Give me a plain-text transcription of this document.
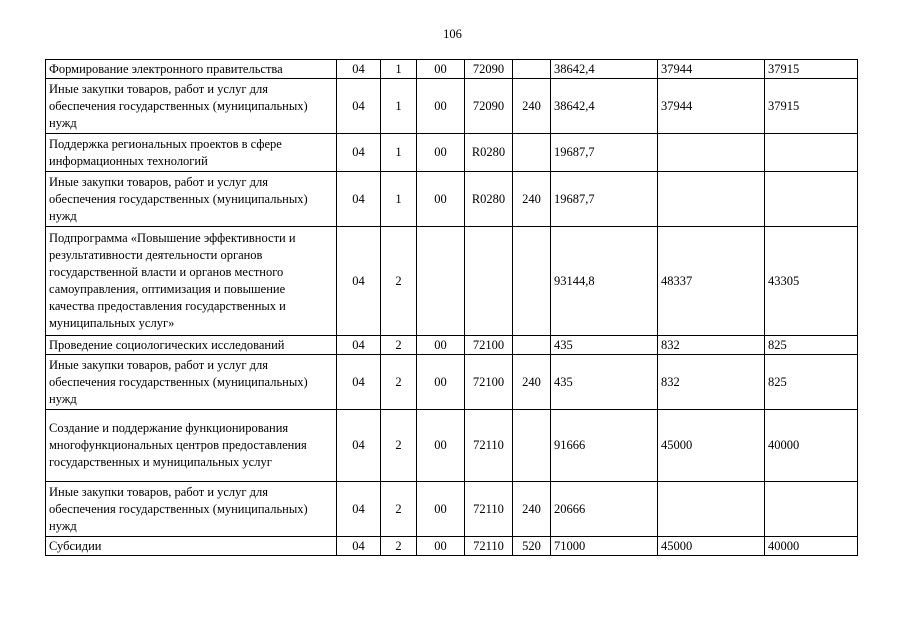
106
Формирование электронного правительства	04	1	00	72090		38642,4	37944	37915
Иные закупки товаров, работ и услуг для обеспечения государственных (муниципальных) нужд	04	1	00	72090	240	38642,4	37944	37915
Поддержка региональных проектов в сфере информационных технологий	04	1	00	R0280		19687,7		
Иные закупки товаров, работ и услуг для обеспечения государственных (муниципальных) нужд	04	1	00	R0280	240	19687,7		
Подпрограмма «Повышение эффективности и результативности деятельности органов государственной власти и органов местного самоуправления, оптимизация и повышение качества предоставления государственных и муниципальных услуг»	04	2				93144,8	48337	43305
Проведение социологических исследований	04	2	00	72100		435	832	825
Иные закупки товаров, работ и услуг для обеспечения государственных (муниципальных) нужд	04	2	00	72100	240	435	832	825
Создание и поддержание функционирования многофункциональных центров предоставления государственных и муниципальных услуг	04	2	00	72110		91666	45000	40000
Иные закупки товаров, работ и услуг для обеспечения государственных (муниципальных) нужд	04	2	00	72110	240	20666		
Субсидии	04	2	00	72110	520	71000	45000	40000
